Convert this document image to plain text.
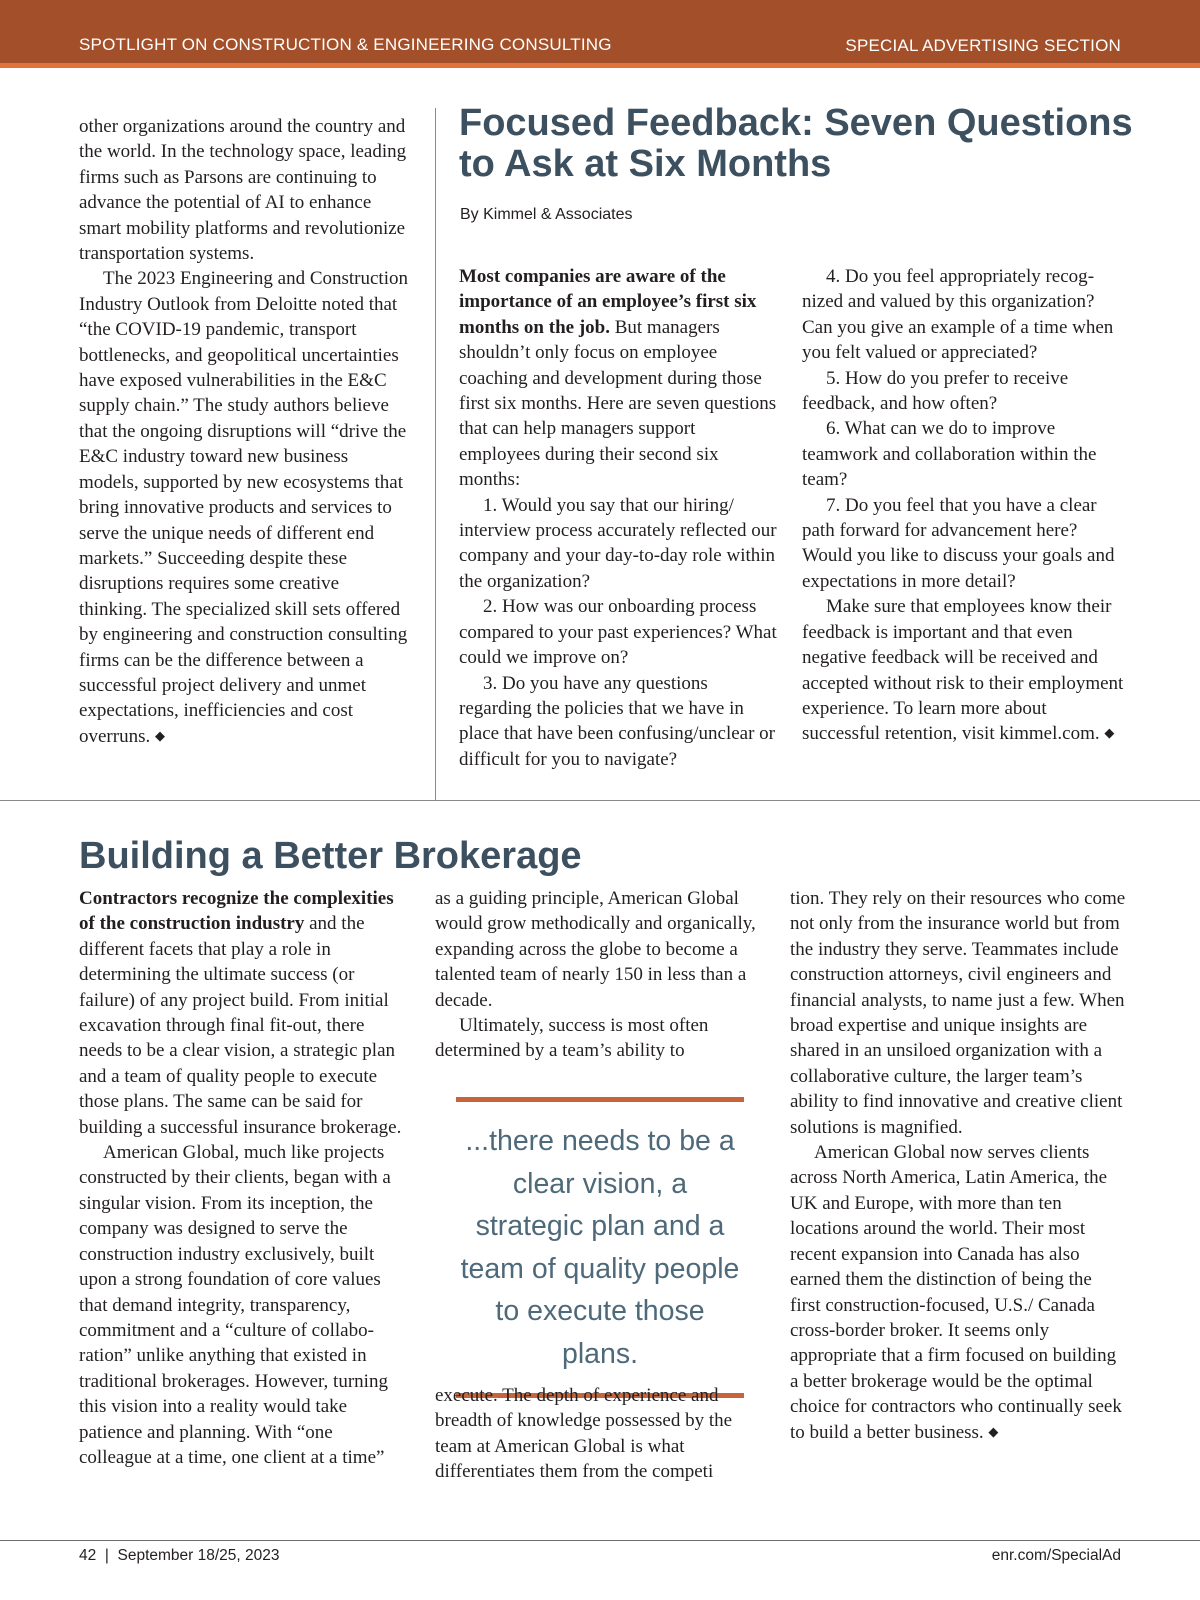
SPOTLIGHT ON CONSTRUCTION & ENGINEERING CONSULTING	SPECIAL ADVERTISING SECTION

other organizations around the country and the world. In the technology space, leading firms such as Parsons are continuing to advance the potential of AI to enhance smart mobility platforms and revolutionize transportation systems.

The 2023 Engineering and Construction Industry Outlook from Deloitte noted that “the COVID-19 pandemic, transport bottlenecks, and geopolitical uncertainties have exposed vulnerabilities in the E&C supply chain.” The study authors believe that the ongoing disruptions will “drive the E&C industry toward new business models, supported by new ecosystems that bring innovative products and services to serve the unique needs of different end markets.” Succeeding despite these disruptions requires some creative thinking. The specialized skill sets offered by engineering and construction consulting firms can be the difference between a successful project delivery and unmet expectations, inefficiencies and cost overruns. ◆

Focused Feedback: Seven Questions to Ask at Six Months
By Kimmel & Associates

Most companies are aware of the importance of an employee’s first six months on the job. But managers shouldn’t only focus on employee coaching and development during those first six months. Here are seven questions that can help managers support employees during their second six months:

1. Would you say that our hiring/ interview process accurately reflected our company and your day-to-day role within the organization?

2. How was our onboarding process compared to your past experiences? What could we improve on?

3. Do you have any questions regarding the policies that we have in place that have been confusing/unclear or difficult for you to navigate?

4. Do you feel appropriately recognized and valued by this organization? Can you give an example of a time when you felt valued or appreciated?

5. How do you prefer to receive feedback, and how often?

6. What can we do to improve teamwork and collaboration within the team?

7. Do you feel that you have a clear path forward for advancement here? Would you like to discuss your goals and expectations in more detail?

Make sure that employees know their feedback is important and that even negative feedback will be received and accepted without risk to their employment experience. To learn more about successful retention, visit kimmel.com. ◆

Building a Better Brokerage

Contractors recognize the complexities of the construction industry and the different facets that play a role in determining the ultimate success (or failure) of any project build. From initial excavation through final fit-out, there needs to be a clear vision, a strategic plan and a team of quality people to execute those plans. The same can be said for building a successful insurance brokerage.

American Global, much like projects constructed by their clients, began with a singular vision. From its inception, the company was designed to serve the construction industry exclusively, built upon a strong foundation of core values that demand integrity, transparency, commitment and a “culture of collaboration” unlike anything that existed in traditional brokerages. However, turning this vision into a reality would take patience and planning. With “one colleague at a time, one client at a time”

as a guiding principle, American Global would grow methodically and organically, expanding across the globe to become a talented team of nearly 150 in less than a decade.

Ultimately, success is most often determined by a team’s ability to

...there needs to be a clear vision, a strategic plan and a team of quality people to execute those plans.

execute. The depth of experience and breadth of knowledge possessed by the team at American Global is what differentiates them from the competi

tion. They rely on their resources who come not only from the insurance world but from the industry they serve. Teammates include construction attorneys, civil engineers and financial analysts, to name just a few. When broad expertise and unique insights are shared in an unsiloed organization with a collaborative culture, the larger team’s ability to find innovative and creative client solutions is magnified.

American Global now serves clients across North America, Latin America, the UK and Europe, with more than ten locations around the world. Their most recent expansion into Canada has also earned them the distinction of being the first construction-focused, U.S./ Canada cross-border broker. It seems only appropriate that a firm focused on building a better brokerage would be the optimal choice for contractors who continually seek to build a better business. ◆

42  |  September 18/25, 2023	enr.com/SpecialAd
